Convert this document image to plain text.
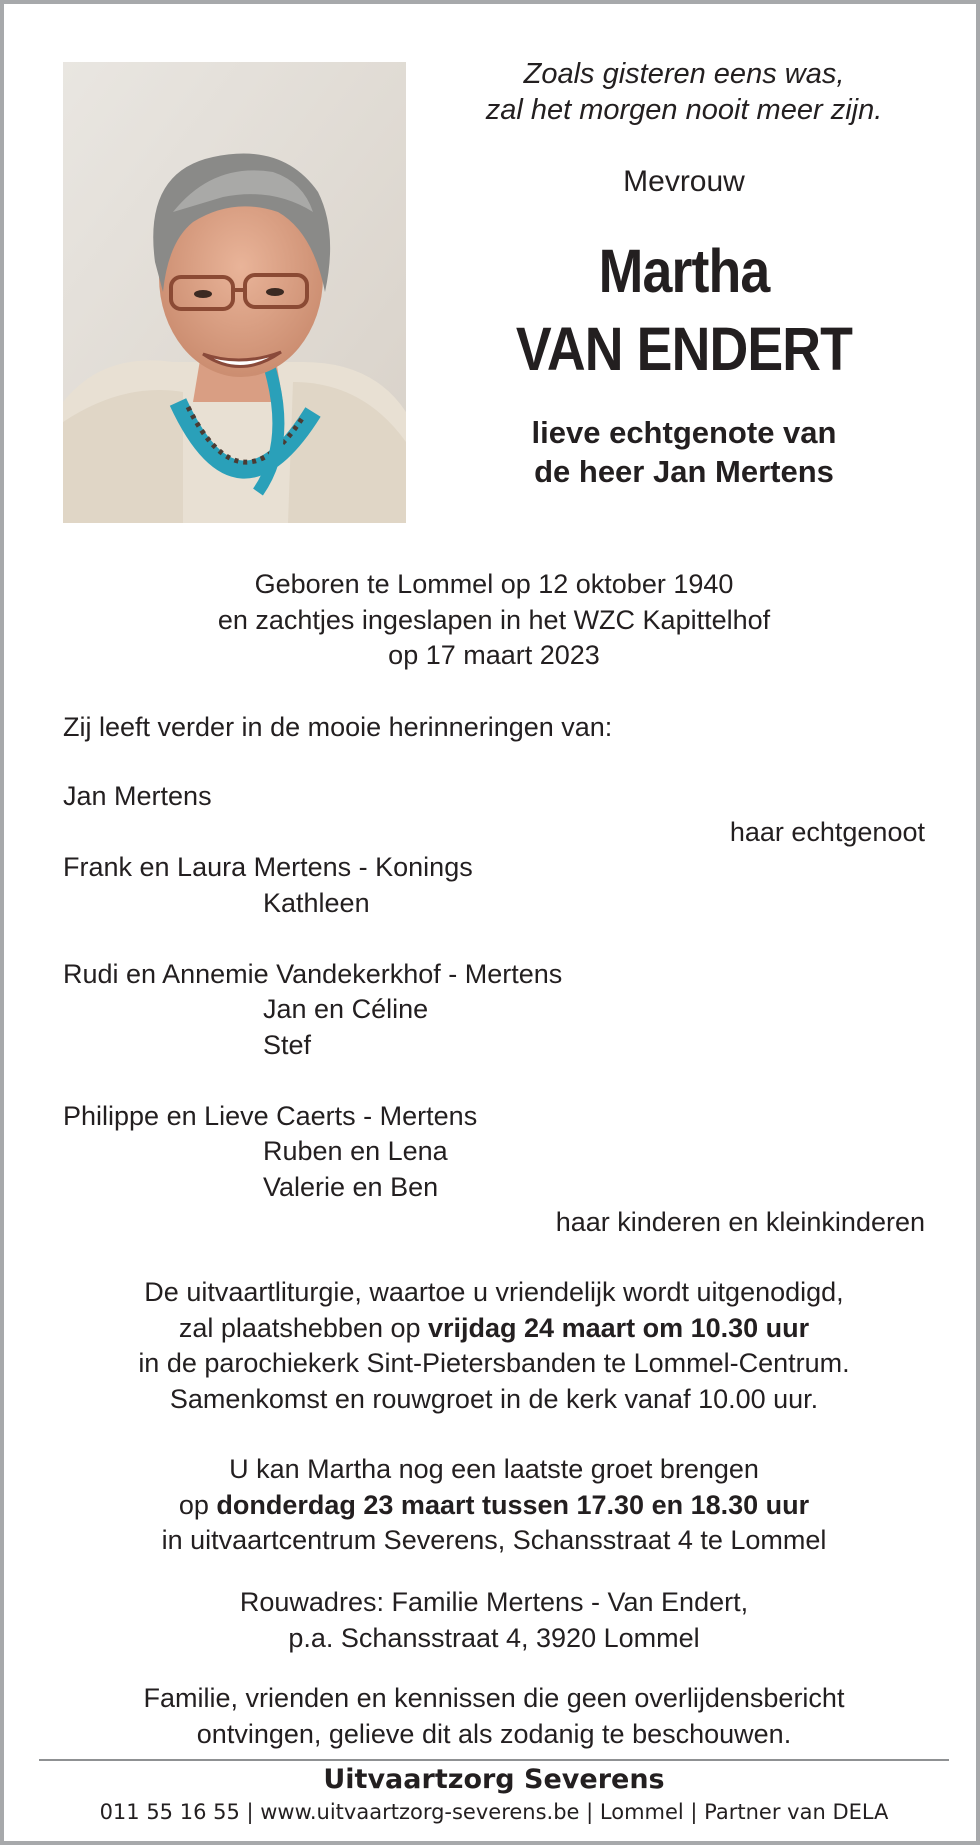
Zoals gisteren eens was,
zal het morgen nooit meer zijn.
Mevrouw
Martha
VAN ENDERT
lieve echtgenote van
de heer Jan Mertens
Geboren te Lommel op 12 oktober 1940
en zachtjes ingeslapen in het WZC Kapittelhof
op 17 maart 2023
Zij leeft verder in de mooie herinneringen van:
Jan Mertens
haar echtgenoot
Frank en Laura Mertens - Konings
Kathleen
Rudi en Annemie Vandekerkhof - Mertens
Jan en Céline
Stef
Philippe en Lieve Caerts - Mertens
Ruben en Lena
Valerie en Ben
haar kinderen en kleinkinderen
De uitvaartliturgie, waartoe u vriendelijk wordt uitgenodigd,
zal plaatshebben op vrijdag 24 maart om 10.30 uur
in de parochiekerk Sint-Pietersbanden te Lommel-Centrum.
Samenkomst en rouwgroet in de kerk vanaf 10.00 uur.
U kan Martha nog een laatste groet brengen
op donderdag 23 maart tussen 17.30 en 18.30 uur
in uitvaartcentrum Severens, Schansstraat 4 te Lommel
Rouwadres: Familie Mertens - Van Endert,
p.a. Schansstraat 4, 3920 Lommel
Familie, vrienden en kennissen die geen overlijdensbericht
ontvingen, gelieve dit als zodanig te beschouwen.
Uitvaartzorg Severens
011 55 16 55 | www.uitvaartzorg-severens.be | Lommel | Partner van DELA
